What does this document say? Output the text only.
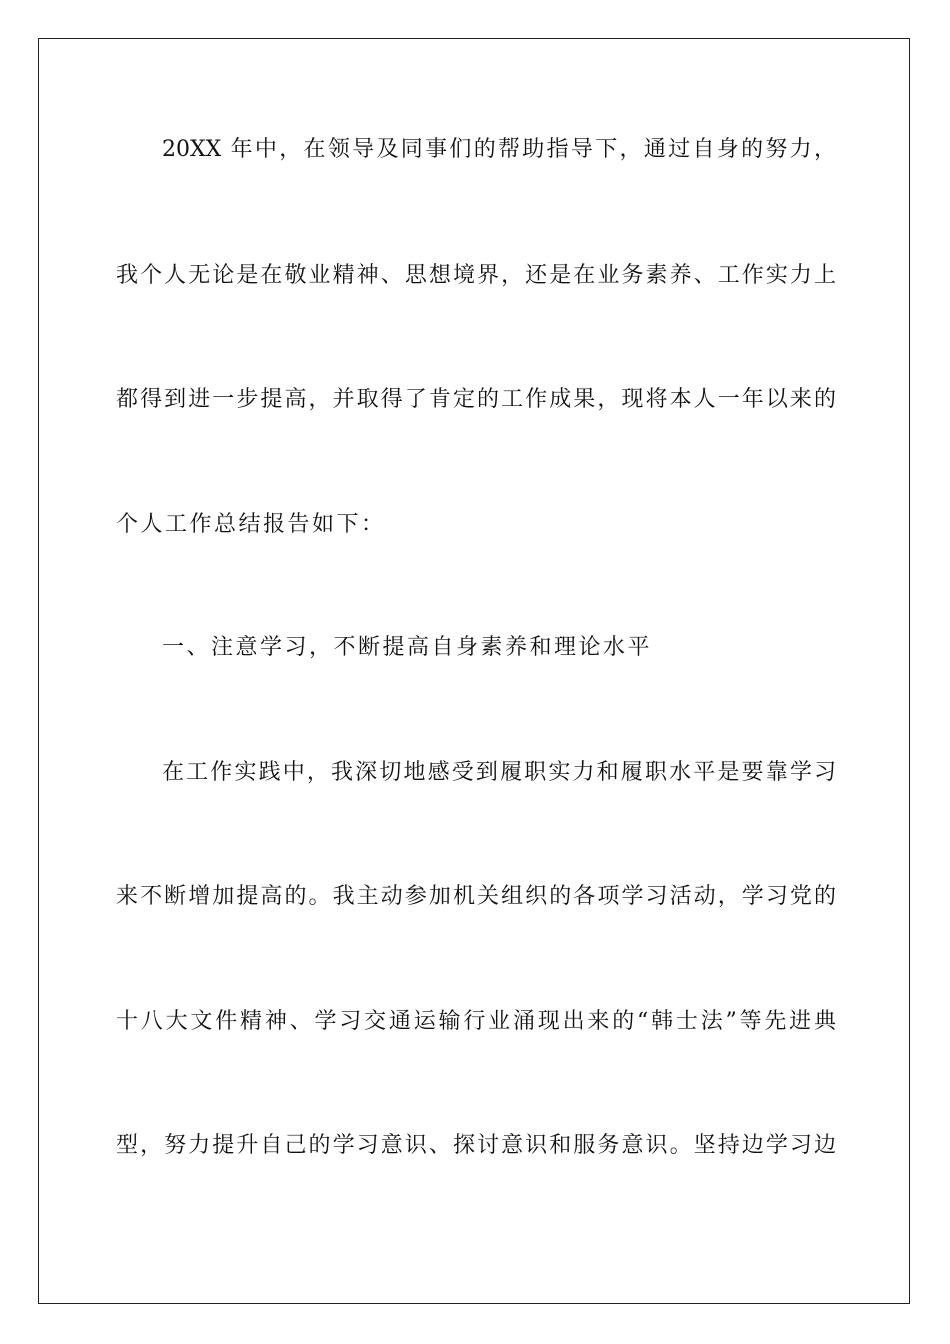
20XX 年中，在领导及同事们的帮助指导下，通过自身的努力，
我个人无论是在敬业精神、思想境界，还是在业务素养、工作实力上
都得到进一步提高，并取得了肯定的工作成果，现将本人一年以来的
个人工作总结报告如下：
一、注意学习，不断提高自身素养和理论水平
在工作实践中，我深切地感受到履职实力和履职水平是要靠学习
来不断增加提高的。我主动参加机关组织的各项学习活动，学习党的
十八大文件精神、学习交通运输行业涌现出来的“韩士法”等先进典
型，努力提升自己的学习意识、探讨意识和服务意识。坚持边学习边
